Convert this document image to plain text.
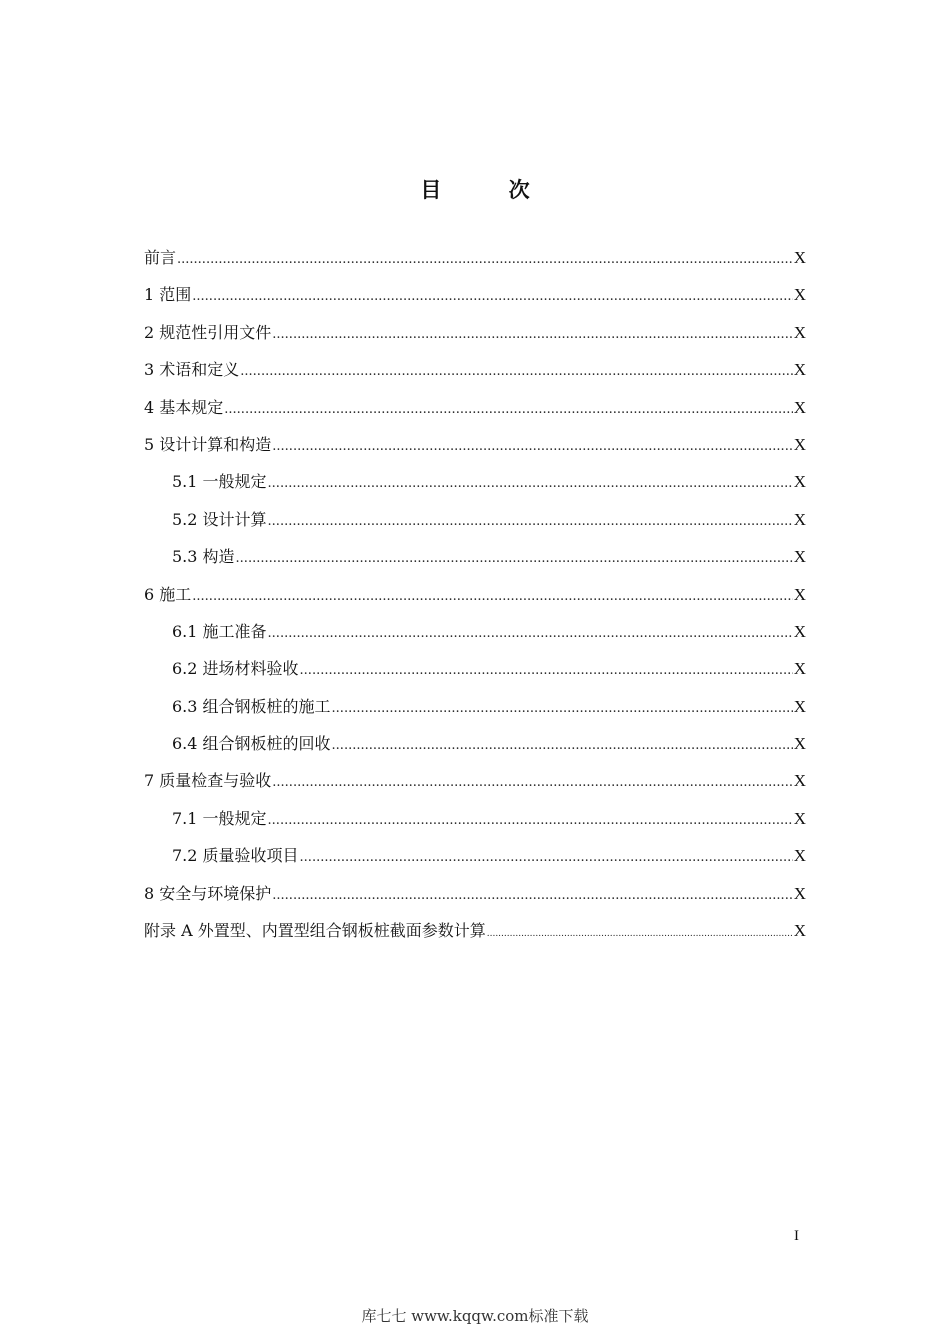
目 次
前言 .....	X
1 范围 .....	X
2 规范性引用文件 .....	X
3 术语和定义 .....	X
4 基本规定 .....	X
5 设计计算和构造 .....	X
5.1 一般规定 .....	X
5.2 设计计算 .....	X
5.3 构造 .....	X
6 施工 .....	X
6.1 施工准备 .....	X
6.2 进场材料验收 .....	X
6.3 组合钢板桩的施工 .....	X
6.4 组合钢板桩的回收 .....	X
7 质量检查与验收 .....	X
7.1 一般规定 .....	X
7.2 质量验收项目 .....	X
8 安全与环境保护 .....	X
附录 A 外置型、内置型组合钢板桩截面参数计算 .....	X
I
库七七 www.kqqw.com标准下载
